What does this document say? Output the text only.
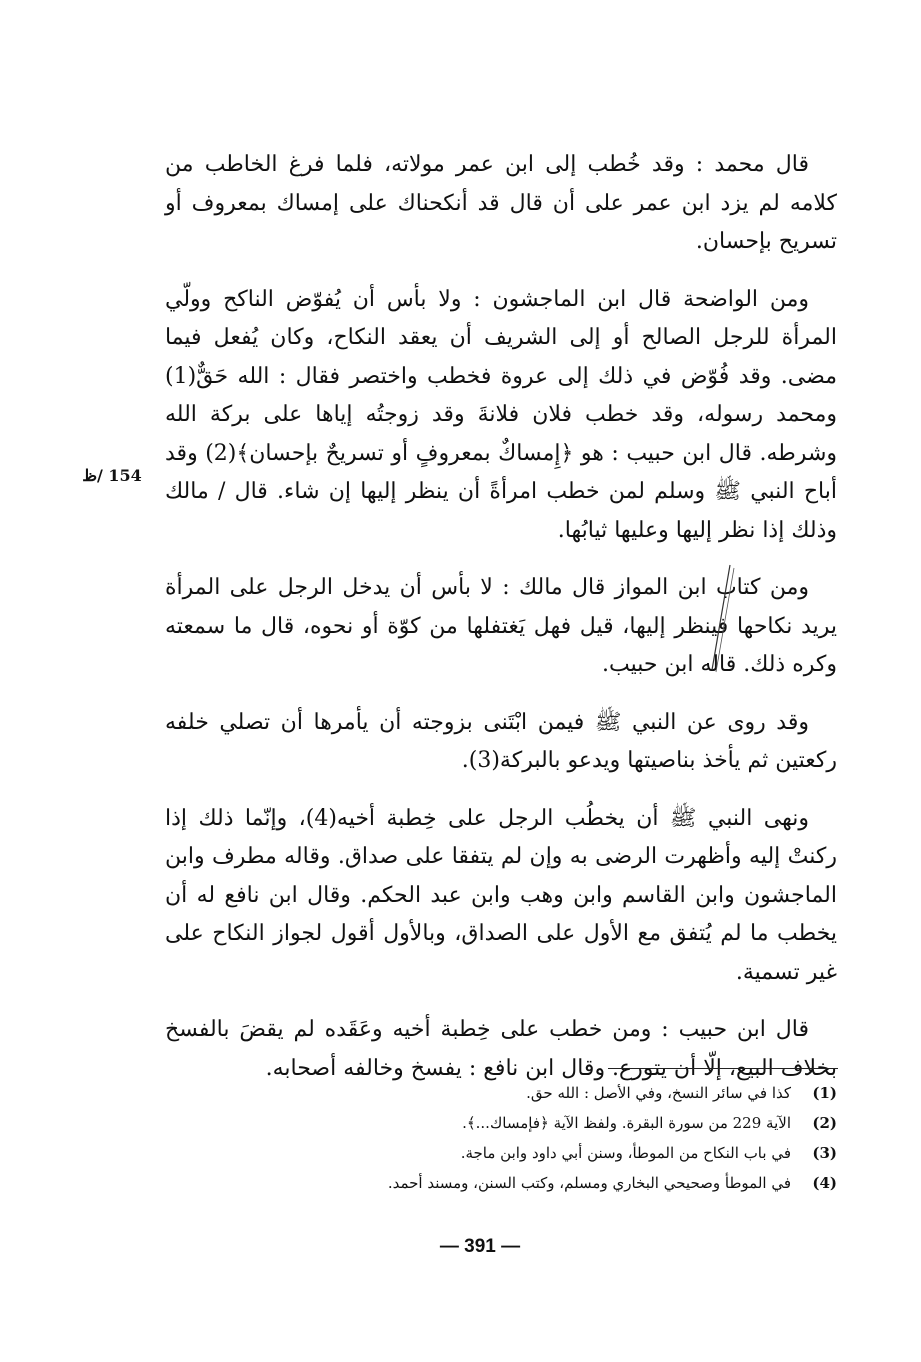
قال محمد : وقد خُطب إلى ابن عمر مولاته، فلما فرغ الخاطب من كلامه لم يزد ابن عمر على أن قال قد أنكحناك على إمساك بمعروف أو تسريح بإحسان.

ومن الواضحة قال ابن الماجشون : ولا بأس أن يُفوّض الناكح وولّي المرأة للرجل الصالح أو إلى الشريف أن يعقد النكاح، وكان يُفعل فيما مضى. وقد فُوّض في ذلك إلى عروة فخطب واختصر فقال : الله حَقٌّ(1) ومحمد رسوله، وقد خطب فلان فلانةَ وقد زوجتُه إياها على بركة الله وشرطه. قال ابن حبيب : هو ﴿إِمساكٌ بمعروفٍ أو تسريحٌ بإحسان﴾(2) وقد أباح النبي ﷺ وسلم لمن خطب امرأةً أن ينظر إليها إن شاء. قال / مالك وذلك إذا نظر إليها وعليها ثيابُها.

ومن كتاب ابن المواز قال مالك : لا بأس أن يدخل الرجل على المرأة يريد نكاحها فينظر إليها، قيل فهل يَغتفلها من كوّة أو نحوه، قال ما سمعته وكره ذلك. قاله ابن حبيب.

وقد روى عن النبي ﷺ فيمن ابْتَنى بزوجته أن يأمرها أن تصلي خلفه ركعتين ثم يأخذ بناصيتها ويدعو بالبركة(3).

ونهى النبي ﷺ أن يخطُب الرجل على خِطبة أخيه(4)، وإنّما ذلك إذا ركنتْ إليه وأظهرت الرضى به وإن لم يتفقا على صداق. وقاله مطرف وابن الماجشون وابن القاسم وابن وهب وابن عبد الحكم. وقال ابن نافع له أن يخطب ما لم يُتفق مع الأول على الصداق، وبالأول أقول لجواز النكاح على غير تسمية.

قال ابن حبيب : ومن خطب على خِطبة أخيه وعَقَده لم يقضَ بالفسخ بخلاف البيع، إلّا أن يتورع. وقال ابن نافع : يفسخ وخالفه أصحابه.

154 /ظ
(1)
كذا في سائر النسخ، وفي الأصل : الله حق.
(2)
الآية 229 من سورة البقرة. ولفظ الآية ﴿فإمساك...﴾.
(3)
في باب النكاح من الموطأ، وسنن أبي داود وابن ماجة.
(4)
في الموطأ وصحيحي البخاري ومسلم، وكتب السنن، ومسند أحمد.
— 391 —
